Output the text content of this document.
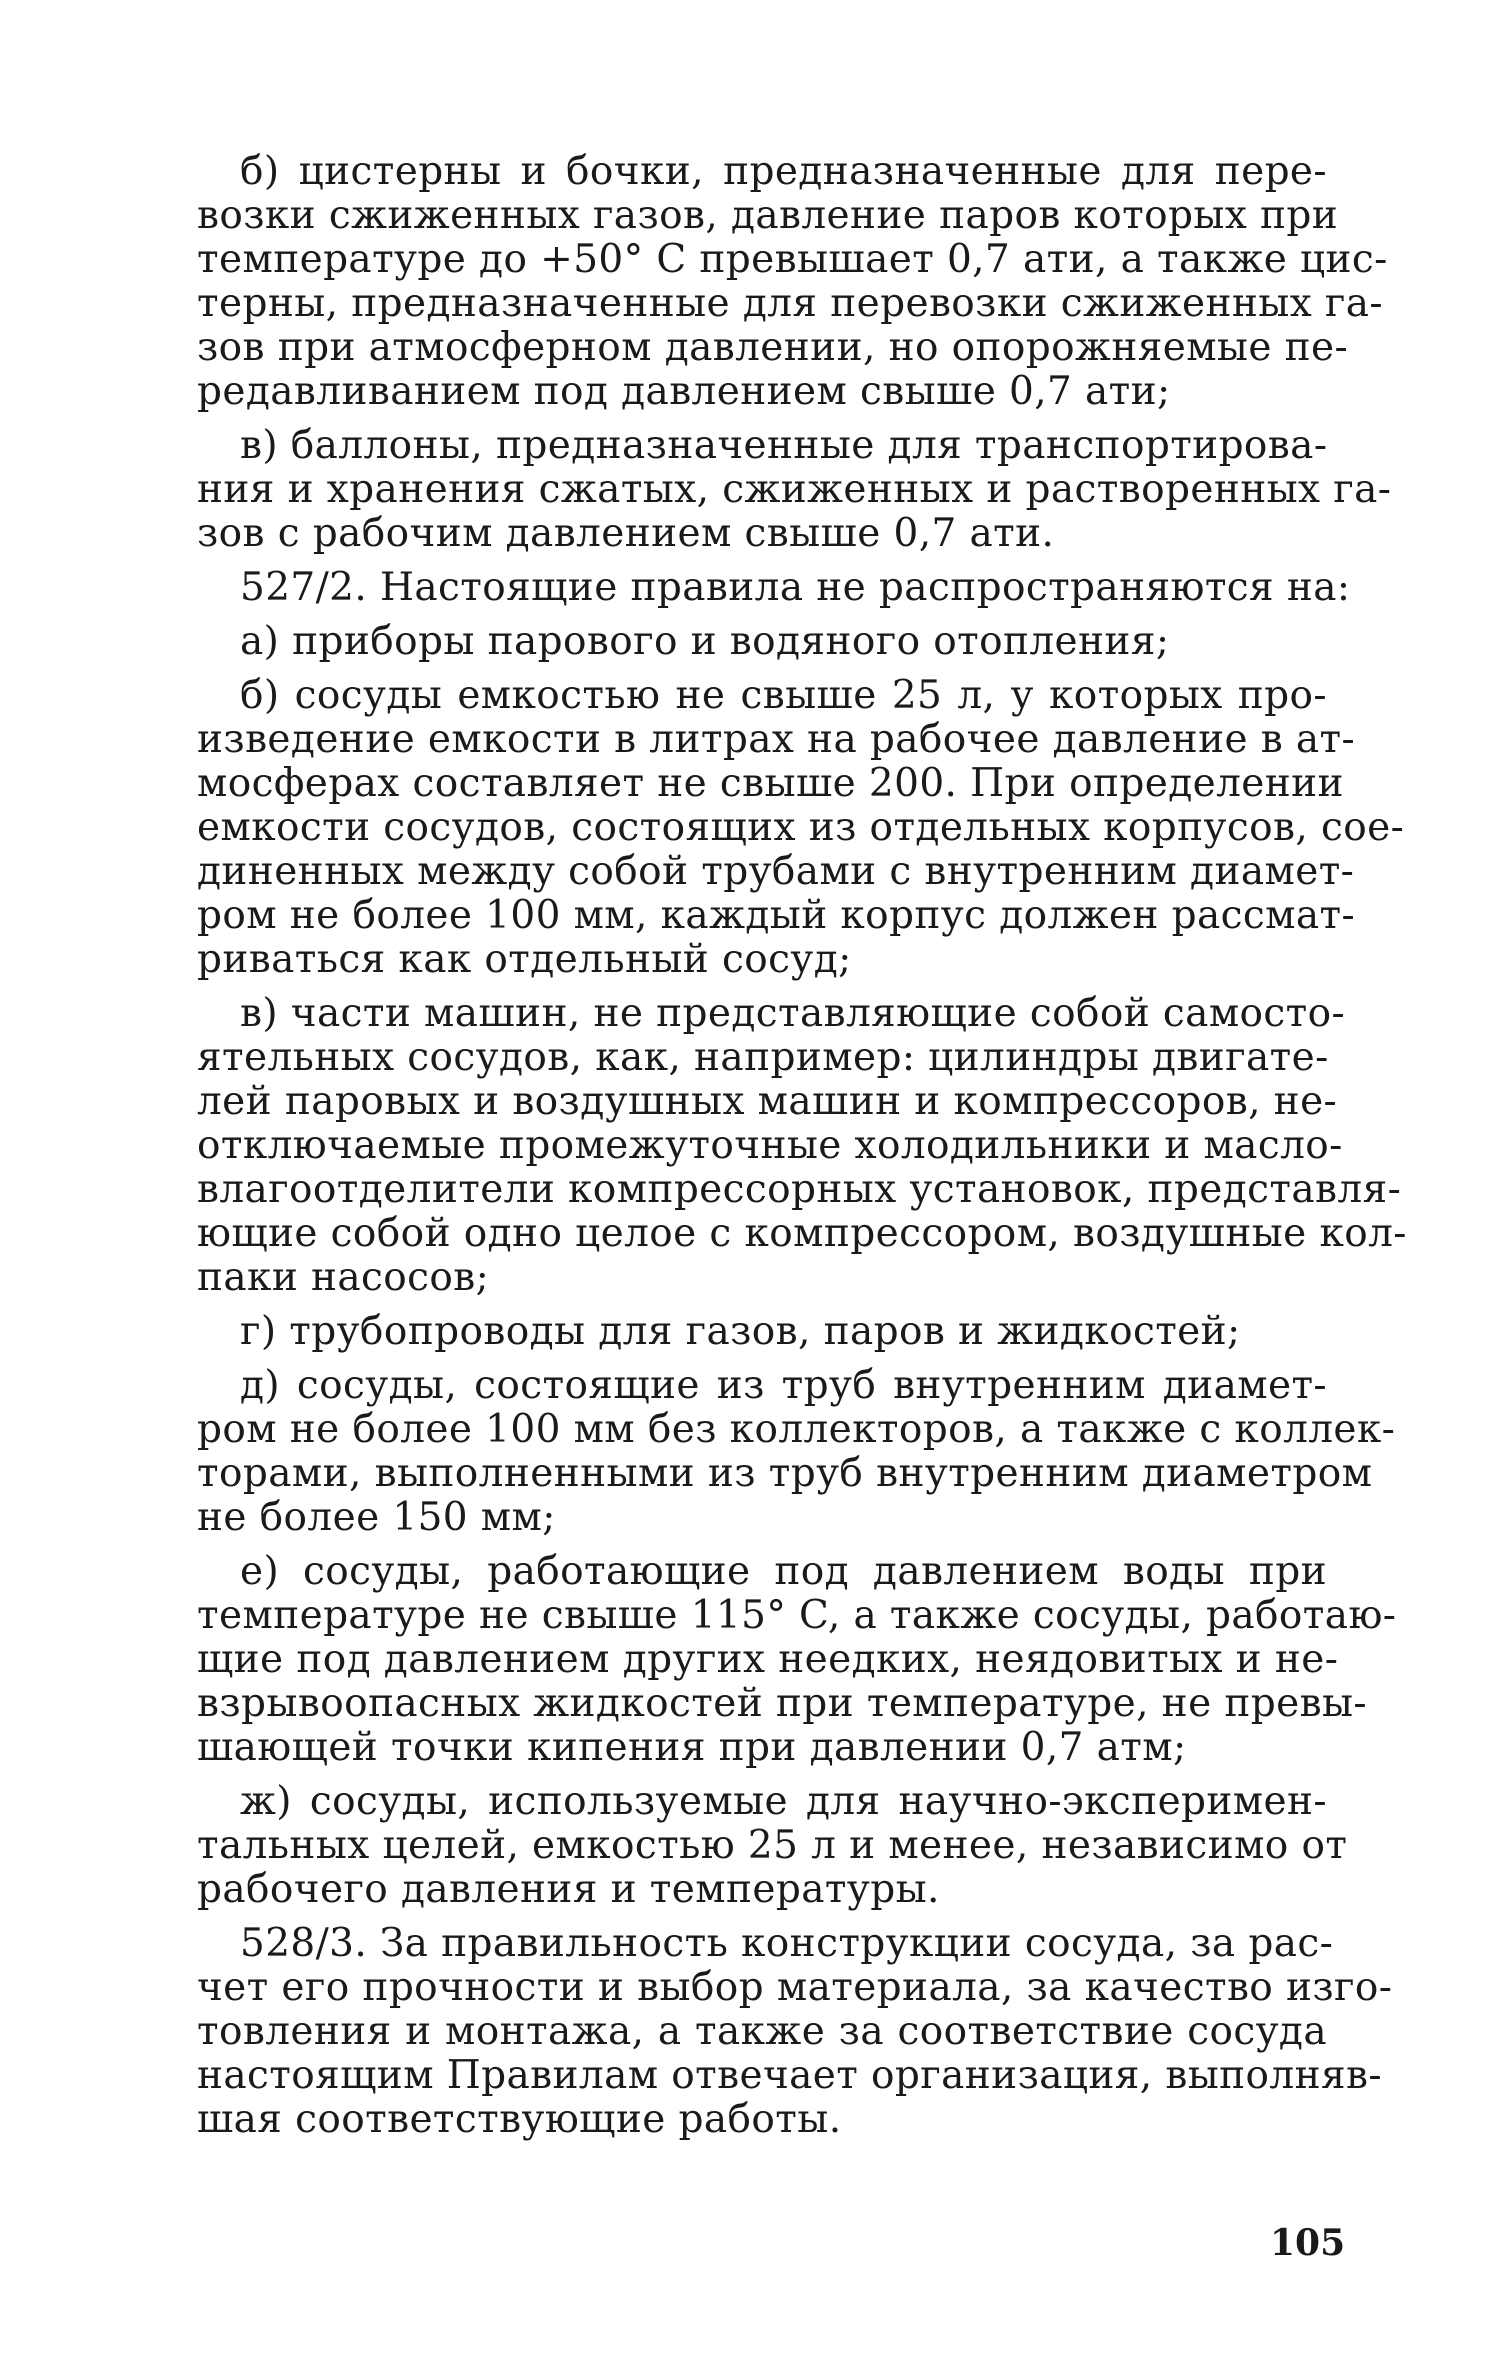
б) цистерны и бочки, предназначенные для пере-
возки сжиженных газов, давление паров которых при
температуре до +50° C превышает 0,7 ати, а также цис-
терны, предназначенные для перевозки сжиженных га-
зов при атмосферном давлении, но опорожняемые пе-
редавливанием под давлением свыше 0,7 ати;
в) баллоны, предназначенные для транспортирова-
ния и хранения сжатых, сжиженных и растворенных га-
зов с рабочим давлением свыше 0,7 ати.
527/2. Настоящие правила не распространяются на:
а) приборы парового и водяного отопления;
б) сосуды емкостью не свыше 25 л, у которых про-
изведение емкости в литрах на рабочее давление в ат-
мосферах составляет не свыше 200. При определении
емкости сосудов, состоящих из отдельных корпусов, сое-
диненных между собой трубами с внутренним диамет-
ром не более 100 мм, каждый корпус должен рассмат-
риваться как отдельный сосуд;
в) части машин, не представляющие собой самосто-
ятельных сосудов, как, например: цилиндры двигате-
лей паровых и воздушных машин и компрессоров, не-
отключаемые промежуточные холодильники и масло-
влагоотделители компрессорных установок, представля-
ющие собой одно целое с компрессором, воздушные кол-
паки насосов;
г) трубопроводы для газов, паров и жидкостей;
д) сосуды, состоящие из труб внутренним диамет-
ром не более 100 мм без коллекторов, а также с коллек-
торами, выполненными из труб внутренним диаметром
не более 150 мм;
е) сосуды, работающие под давлением воды при
температуре не свыше 115° C, а также сосуды, работаю-
щие под давлением других неедких, неядовитых и не-
взрывоопасных жидкостей при температуре, не превы-
шающей точки кипения при давлении 0,7 атм;
ж) сосуды, используемые для научно-эксперимен-
тальных целей, емкостью 25 л и менее, независимо от
рабочего давления и температуры.
528/3. За правильность конструкции сосуда, за рас-
чет его прочности и выбор материала, за качество изго-
товления и монтажа, а также за соответствие сосуда
настоящим Правилам отвечает организация, выполняв-
шая соответствующие работы.
105
